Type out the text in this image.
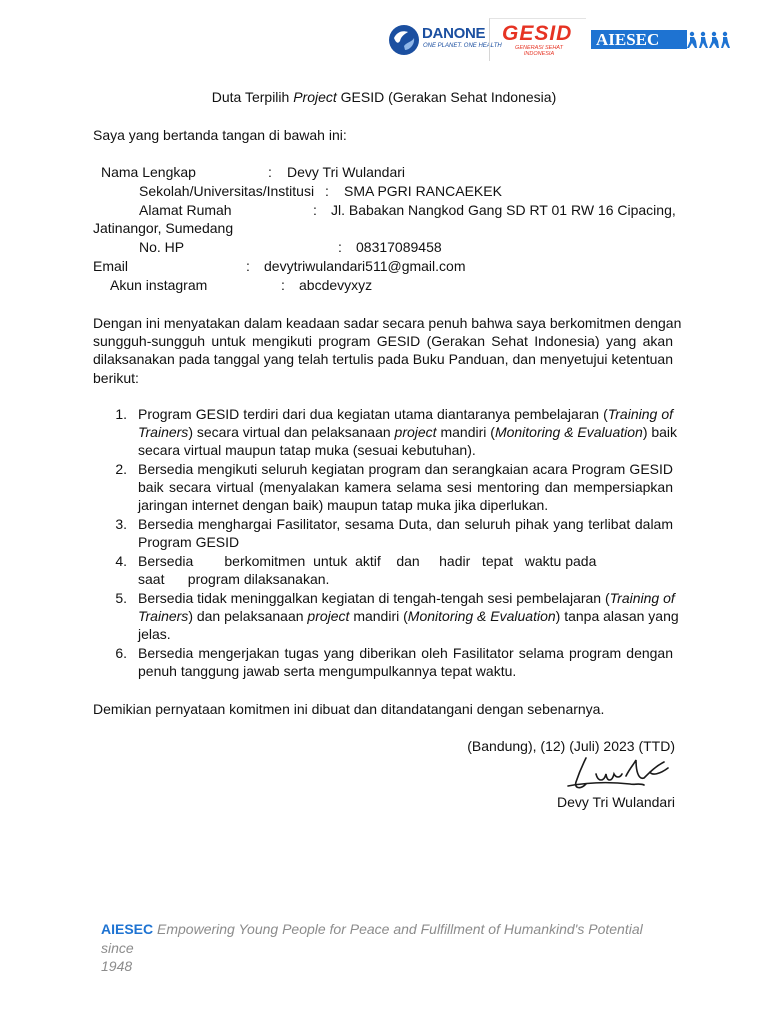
DANONE
ONE PLANET. ONE HEALTH
GESID
GENERASI SEHAT INDONESIA
AIESEC
Duta Terpilih Project GESID (Gerakan Sehat Indonesia)
Saya yang bertanda tangan di bawah ini:
Nama Lengkap	: Devy Tri Wulandari
Sekolah/Universitas/Institusi : SMA PGRI RANCAEKEK
Alamat Rumah	: Jl. Babakan Nangkod Gang SD RT 01 RW 16 Cipacing,
Jatinangor, Sumedang
No. HP	: 08317089458
Email	: devytriwulandari511@gmail.com
Akun instagram	: abcdevyxyz
Dengan ini menyatakan dalam keadaan sadar secara penuh bahwa saya berkomitmen dengan
sungguh-sungguh untuk mengikuti program GESID (Gerakan Sehat Indonesia) yang akan
dilaksanakan pada tanggal yang telah tertulis pada Buku Panduan, dan menyetujui ketentuan
berikut:
1. Program GESID terdiri dari dua kegiatan utama diantaranya pembelajaran (Training of
Trainers) secara virtual dan pelaksanaan project mandiri (Monitoring & Evaluation) baik
secara virtual maupun tatap muka (sesuai kebutuhan).
2. Bersedia mengikuti seluruh kegiatan program dan serangkaian acara Program GESID
baik secara virtual (menyalakan kamera selama sesi mentoring dan mempersiapkan
jaringan internet dengan baik) maupun tatap muka jika diperlukan.
3. Bersedia menghargai Fasilitator, sesama Duta, dan seluruh pihak yang terlibat dalam
Program GESID
4. Bersedia        berkomitmen  untuk  aktif    dan     hadir   tepat   waktu pada
saat      program dilaksanakan.
5. Bersedia tidak meninggalkan kegiatan di tengah-tengah sesi pembelajaran (Training of
Trainers) dan pelaksanaan project mandiri (Monitoring & Evaluation) tanpa alasan yang
jelas.
6. Bersedia mengerjakan tugas yang diberikan oleh Fasilitator selama program dengan
penuh tanggung jawab serta mengumpulkannya tepat waktu.
Demikian pernyataan komitmen ini dibuat dan ditandatangani dengan sebenarnya.
(Bandung), (12) (Juli) 2023 (TTD)
Devy Tri Wulandari
AIESEC Empowering Young People for Peace and Fulfillment of Humankind's Potential since
1948
